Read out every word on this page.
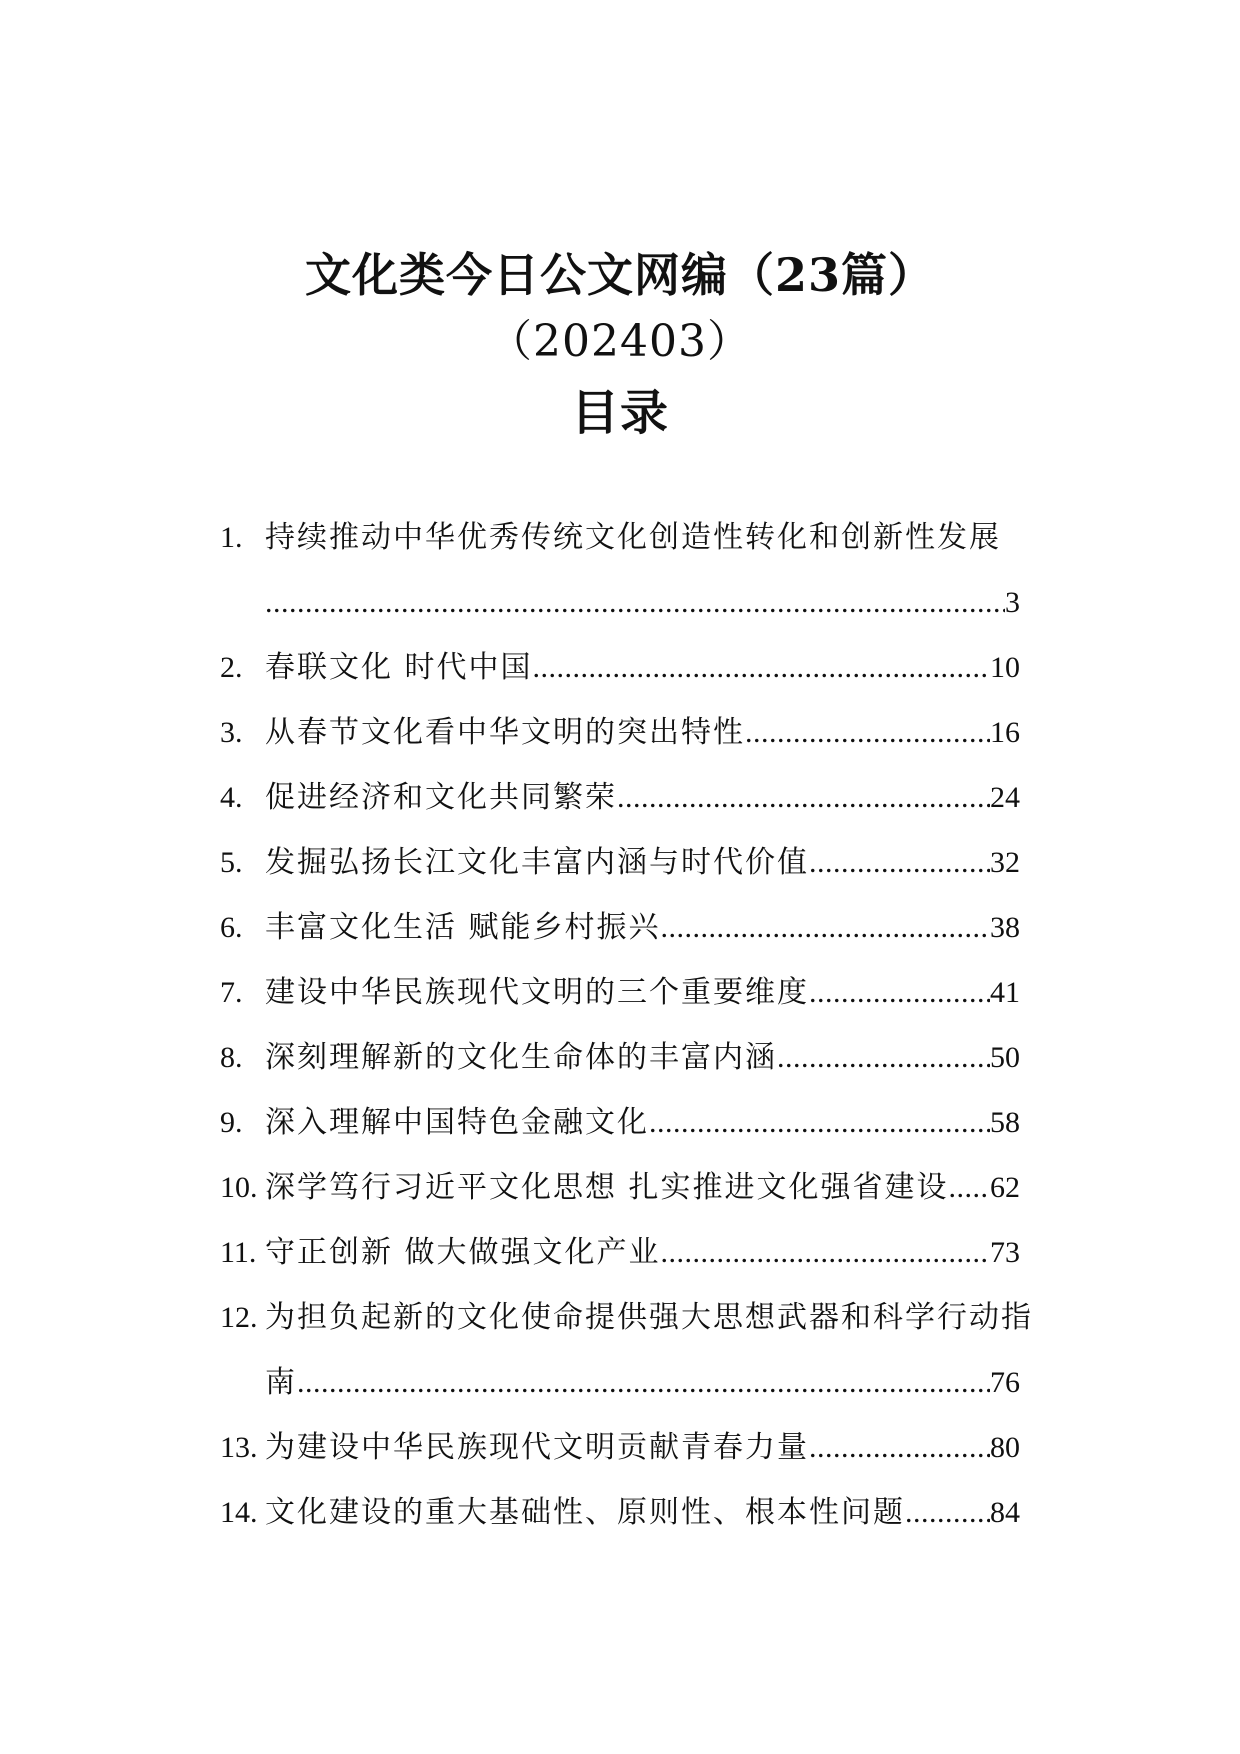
文化类今日公文网编（23篇）
（202403）
目录
1. 持续推动中华优秀传统文化创造性转化和创新性发展
.....
3
2. 春联文化 时代中国 .....	10
3. 从春节文化看中华文明的突出特性 .....	16
4. 促进经济和文化共同繁荣 .....	24
5. 发掘弘扬长江文化丰富内涵与时代价值 .....	32
6. 丰富文化生活 赋能乡村振兴 .....	38
7. 建设中华民族现代文明的三个重要维度 .....	41
8. 深刻理解新的文化生命体的丰富内涵 .....	50
9. 深入理解中国特色金融文化 .....	58
10. 深学笃行习近平文化思想 扎实推进文化强省建设 ..... 62
11. 守正创新 做大做强文化产业 .....	73
12. 为担负起新的文化使命提供强大思想武器和科学行动指
南 .....	76
13. 为建设中华民族现代文明贡献青春力量 .....	80
14. 文化建设的重大基础性、原则性、根本性问题 .....	84
